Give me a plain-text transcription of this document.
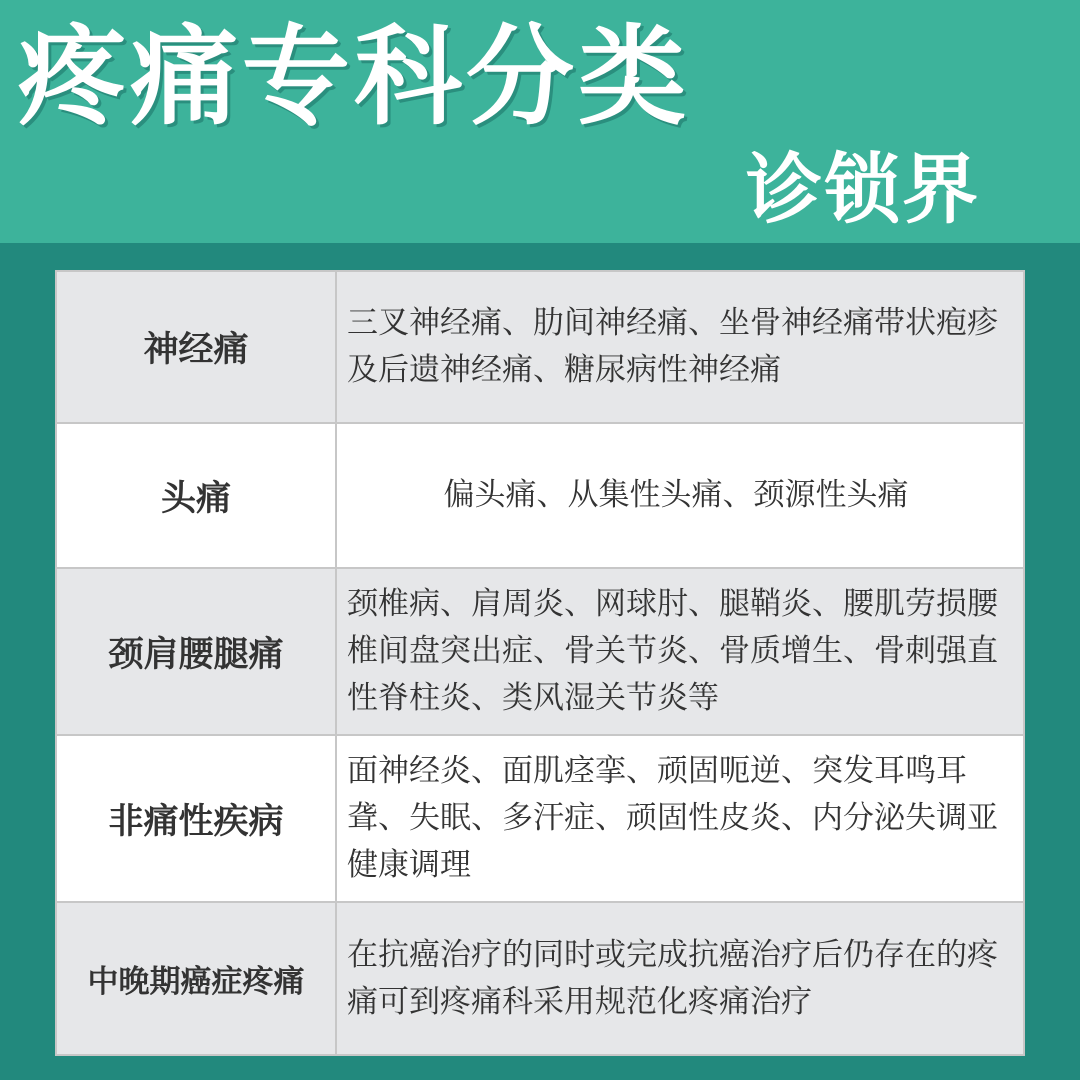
疼痛专科分类
诊锁界
神经痛	三叉神经痛、肋间神经痛、坐骨神经痛带状疱疹及后遗神经痛、糖尿病性神经痛
头痛	偏头痛、从集性头痛、颈源性头痛
颈肩腰腿痛	颈椎病、肩周炎、网球肘、腿鞘炎、腰肌劳损腰椎间盘突出症、骨关节炎、骨质增生、骨刺强直性脊柱炎、类风湿关节炎等
非痛性疾病	面神经炎、面肌痉挛、顽固呃逆、突发耳鸣耳聋、失眠、多汗症、顽固性皮炎、内分泌失调亚健康调理
中晚期癌症疼痛	在抗癌治疗的同时或完成抗癌治疗后仍存在的疼痛可到疼痛科采用规范化疼痛治疗
